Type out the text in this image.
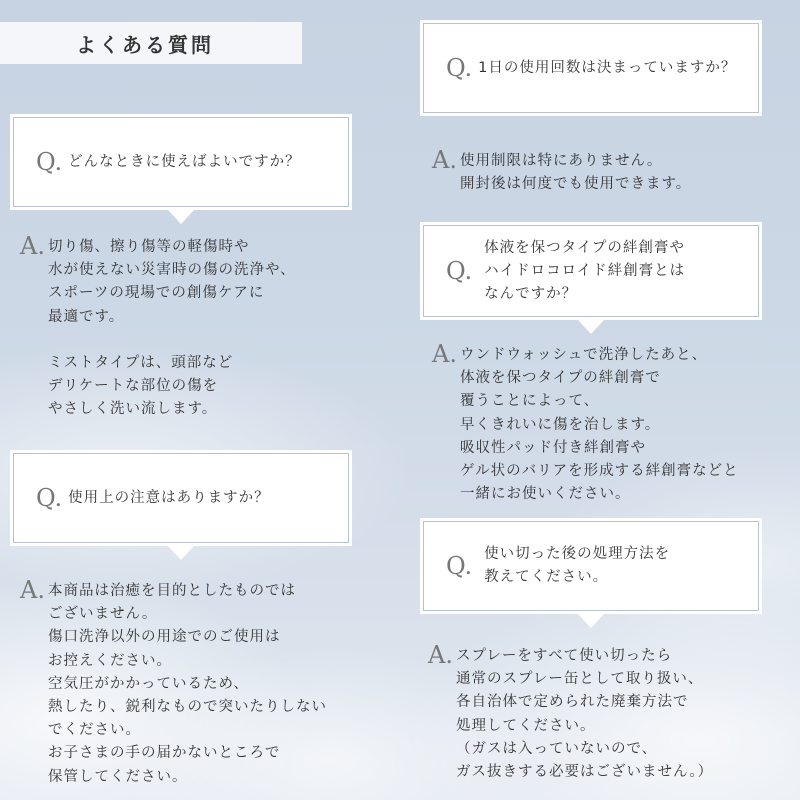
よくある質問
Q. どんなときに使えばよいですか？
A. 切り傷、擦り傷等の軽傷時や
水が使えない災害時の傷の洗浄や、
スポーツの現場での創傷ケアに
最適です。
ミストタイプは、頭部など
デリケートな部位の傷を
やさしく洗い流します。
Q. 使用上の注意はありますか？
A. 本商品は治癒を目的としたものでは
ございません。
傷口洗浄以外の用途でのご使用は
お控えください。
空気圧がかかっているため、
熱したり、鋭利なもので突いたりしない
でください。
お子さまの手の届かないところで
保管してください。
Q. 1日の使用回数は決まっていますか？
A. 使用制限は特にありません。
開封後は何度でも使用できます。
Q.
体液を保つタイプの絆創膏や
ハイドロコロイド絆創膏とは
なんですか？
A. ウンドウォッシュで洗浄したあと、
体液を保つタイプの絆創膏で
覆うことによって、
早くきれいに傷を治します。
吸収性パッド付き絆創膏や
ゲル状のバリアを形成する絆創膏などと
一緒にお使いください。
Q. 使い切った後の処理方法を
教えてください。
A. スプレーをすべて使い切ったら
通常のスプレー缶として取り扱い、
各自治体で定められた廃棄方法で
処理してください。
（ガスは入っていないので、
ガス抜きする必要はございません。）
